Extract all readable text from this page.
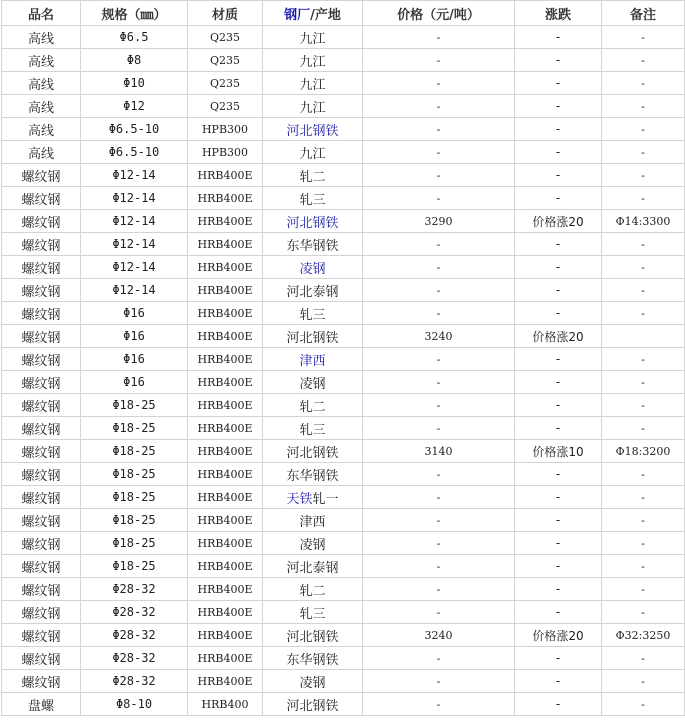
品名	规格（㎜）	材质	钢厂/产地	价格（元/吨）	涨跌	备注
高线	Φ6.5	Q235	九江	-	-	-
高线	Φ8	Q235	九江	-	-	-
高线	Φ10	Q235	九江	-	-	-
高线	Φ12	Q235	九江	-	-	-
高线	Φ6.5-10	HPB300	河北钢铁	-	-	-
高线	Φ6.5-10	HPB300	九江	-	-	-
螺纹钢	Φ12-14	HRB400E	轧二	-	-	-
螺纹钢	Φ12-14	HRB400E	轧三	-	-	-
螺纹钢	Φ12-14	HRB400E	河北钢铁	3290	价格涨20	Φ14:3300
螺纹钢	Φ12-14	HRB400E	东华钢铁	-	-	-
螺纹钢	Φ12-14	HRB400E	凌钢	-	-	-
螺纹钢	Φ12-14	HRB400E	河北泰钢	-	-	-
螺纹钢	Φ16	HRB400E	轧三	-	-	-
螺纹钢	Φ16	HRB400E	河北钢铁	3240	价格涨20	
螺纹钢	Φ16	HRB400E	津西	-	-	-
螺纹钢	Φ16	HRB400E	凌钢	-	-	-
螺纹钢	Φ18-25	HRB400E	轧二	-	-	-
螺纹钢	Φ18-25	HRB400E	轧三	-	-	-
螺纹钢	Φ18-25	HRB400E	河北钢铁	3140	价格涨10	Φ18:3200
螺纹钢	Φ18-25	HRB400E	东华钢铁	-	-	-
螺纹钢	Φ18-25	HRB400E	天铁轧一	-	-	-
螺纹钢	Φ18-25	HRB400E	津西	-	-	-
螺纹钢	Φ18-25	HRB400E	凌钢	-	-	-
螺纹钢	Φ18-25	HRB400E	河北泰钢	-	-	-
螺纹钢	Φ28-32	HRB400E	轧二	-	-	-
螺纹钢	Φ28-32	HRB400E	轧三	-	-	-
螺纹钢	Φ28-32	HRB400E	河北钢铁	3240	价格涨20	Φ32:3250
螺纹钢	Φ28-32	HRB400E	东华钢铁	-	-	-
螺纹钢	Φ28-32	HRB400E	凌钢	-	-	-
盘螺	Φ8-10	HRB400	河北钢铁	-	-	-
